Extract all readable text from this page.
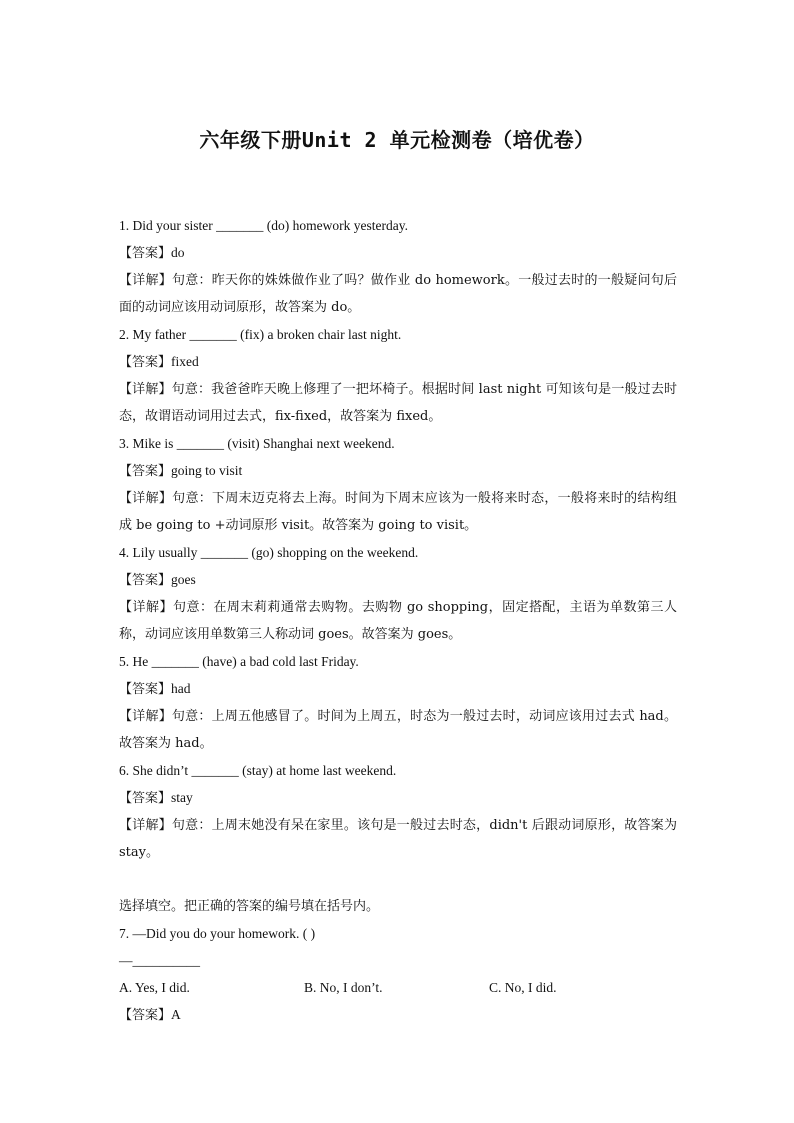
六年级下册Unit 2 单元检测卷（培优卷）

1. Did your sister _______ (do) homework yesterday.

【答案】do

【详解】句意：昨天你的姝姝做作业了吗？做作业 do homework。一般过去时的一般疑问句后面的动词应该用动词原形，故答案为 do。

2. My father _______ (fix) a broken chair last night.

【答案】fixed

【详解】句意：我爸爸昨天晚上修理了一把坏椅子。根据时间 last night 可知该句是一般过去时态，故谓语动词用过去式，fix-fixed，故答案为 fixed。

3. Mike is _______ (visit) Shanghai next weekend.

【答案】going to visit

【详解】句意：下周末迈克将去上海。时间为下周末应该为一般将来时态，一般将来时的结构组成 be going to +动词原形 visit。故答案为 going to visit。

4. Lily usually _______ (go) shopping on the weekend.

【答案】goes

【详解】句意：在周末莉莉通常去购物。去购物 go shopping，固定搭配，主语为单数第三人称，动词应该用单数第三人称动词 goes。故答案为 goes。

5. He _______ (have) a bad cold last Friday.

【答案】had

【详解】句意：上周五他感冒了。时间为上周五，时态为一般过去时，动词应该用过去式 had。故答案为 had。

6. She didn’t _______ (stay) at home last weekend.

【答案】stay

【详解】句意：上周末她没有呆在家里。该句是一般过去时态，didn't 后跟动词原形，故答案为 stay。

选择填空。把正确的答案的编号填在括号内。

7. —Did you do your homework. ( )

—__________

A. Yes, I did.	B. No, I don’t.	C. No, I did.

【答案】A
